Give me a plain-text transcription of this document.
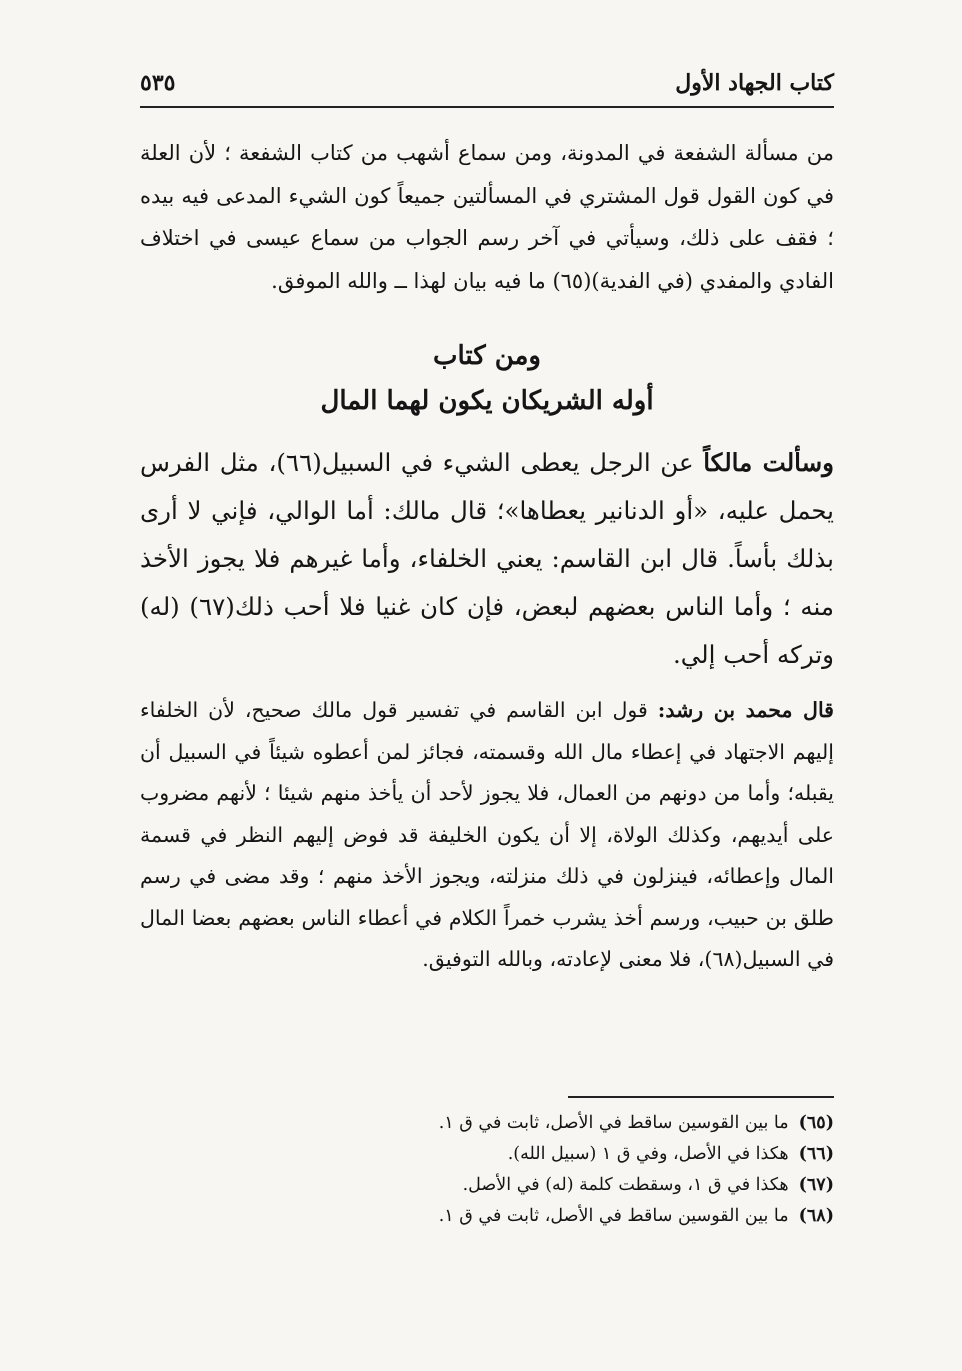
كتاب الجهاد الأول
٥٣٥

من مسألة الشفعة في المدونة، ومن سماع أشهب من كتاب الشفعة ؛ لأن العلة في كون القول قول المشتري في المسألتين جميعاً كون الشيء المدعى فيه بيده ؛ فقف على ذلك، وسيأتي في آخر رسم الجواب من سماع عيسى في اختلاف الفادي والمفدي (في الفدية)(٦٥) ما فيه بيان لهذا ــ والله الموفق.

ومن كتاب
أوله الشريكان يكون لهما المال

وسألت مالكاً عن الرجل يعطى الشيء في السبيل(٦٦)، مثل الفرس يحمل عليه، «أو الدنانير يعطاها»؛ قال مالك: أما الوالي، فإني لا أرى بذلك بأساً. قال ابن القاسم: يعني الخلفاء، وأما غيرهم فلا يجوز الأخذ منه ؛ وأما الناس بعضهم لبعض، فإن كان غنيا فلا أحب ذلك(٦٧) (له) وتركه أحب إلي.

قال محمد بن رشد: قول ابن القاسم في تفسير قول مالك صحيح، لأن الخلفاء إليهم الاجتهاد في إعطاء مال الله وقسمته، فجائز لمن أعطوه شيئاً في السبيل أن يقبله؛ وأما من دونهم من العمال، فلا يجوز لأحد أن يأخذ منهم شيئا ؛ لأنهم مضروب على أيديهم، وكذلك الولاة، إلا أن يكون الخليفة قد فوض إليهم النظر في قسمة المال وإعطائه، فينزلون في ذلك منزلته، ويجوز الأخذ منهم ؛ وقد مضى في رسم طلق بن حبيب، ورسم أخذ يشرب خمراً الكلام في أعطاء الناس بعضهم بعضا المال في السبيل(٦٨)، فلا معنى لإعادته، وبالله التوفيق.

(٦٥)ما بين القوسين ساقط في الأصل، ثابت في ق ١.
(٦٦)هكذا في الأصل، وفي ق ١ (سبيل الله).
(٦٧)هكذا في ق ١، وسقطت كلمة (له) في الأصل.
(٦٨)ما بين القوسين ساقط في الأصل، ثابت في ق ١.
